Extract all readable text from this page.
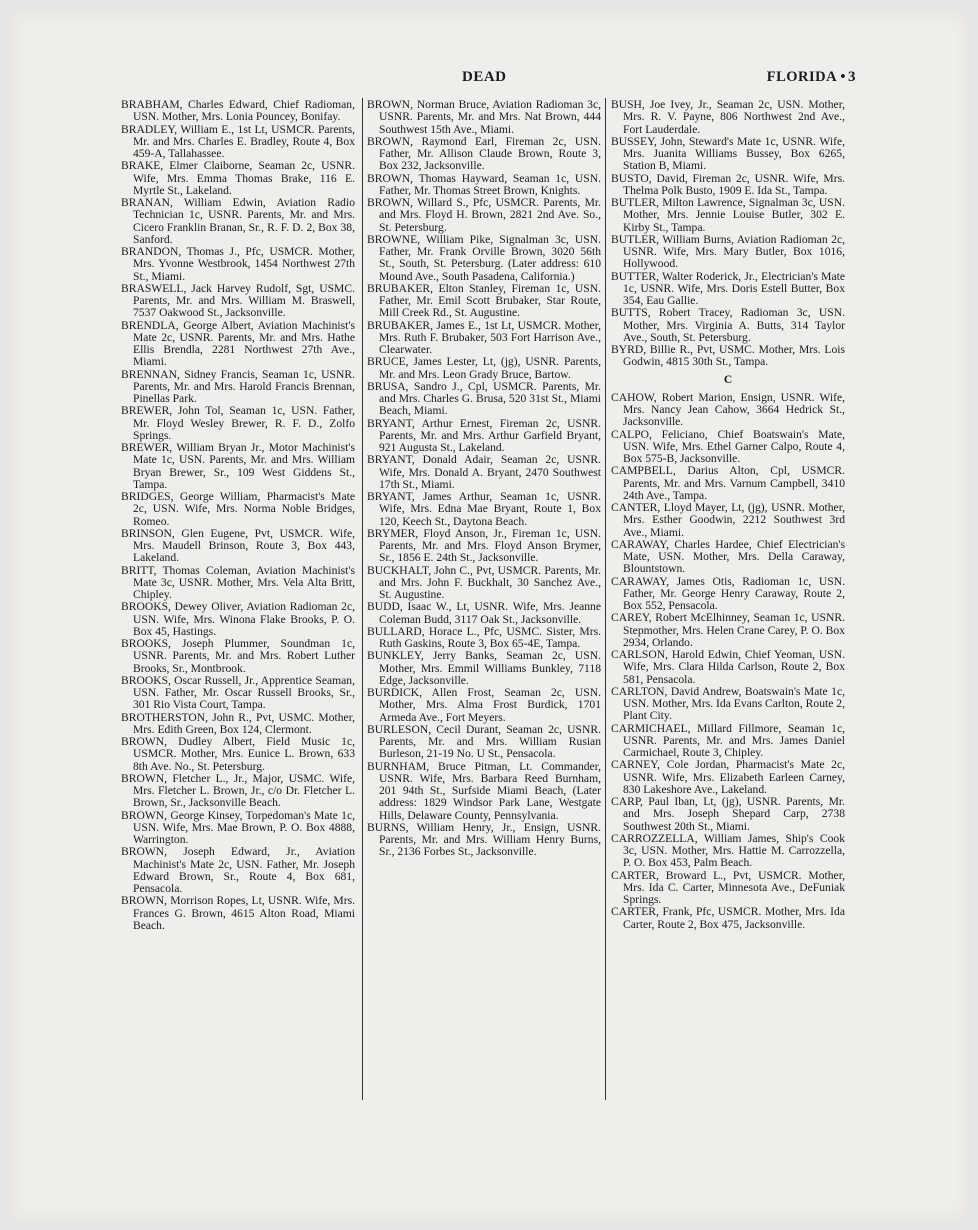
DEAD	FLORIDA • 3

BRABHAM, Charles Edward, Chief Radioman, USN. Mother, Mrs. Lonia Pouncey, Bonifay.

BRADLEY, William E., 1st Lt, USMCR. Parents, Mr. and Mrs. Charles E. Bradley, Route 4, Box 459-A, Tallahassee.

BRAKE, Elmer Claiborne, Seaman 2c, USNR. Wife, Mrs. Emma Thomas Brake, 116 E. Myrtle St., Lakeland.

BRANAN, William Edwin, Aviation Radio Technician 1c, USNR. Parents, Mr. and Mrs. Cicero Franklin Branan, Sr., R. F. D. 2, Box 38, Sanford.

BRANDON, Thomas J., Pfc, USMCR. Mother, Mrs. Yvonne Westbrook, 1454 Northwest 27th St., Miami.

BRASWELL, Jack Harvey Rudolf, Sgt, USMC. Parents, Mr. and Mrs. William M. Braswell, 7537 Oakwood St., Jacksonville.

BRENDLA, George Albert, Aviation Machinist's Mate 2c, USNR. Parents, Mr. and Mrs. Hathe Ellis Brendla, 2281 Northwest 27th Ave., Miami.

BRENNAN, Sidney Francis, Seaman 1c, USNR. Parents, Mr. and Mrs. Harold Francis Brennan, Pinellas Park.

BREWER, John Tol, Seaman 1c, USN. Father, Mr. Floyd Wesley Brewer, R. F. D., Zolfo Springs.

BREWER, William Bryan Jr., Motor Machinist's Mate 1c, USN. Parents, Mr. and Mrs. William Bryan Brewer, Sr., 109 West Giddens St., Tampa.

BRIDGES, George William, Pharmacist's Mate 2c, USN. Wife, Mrs. Norma Noble Bridges, Romeo.

BRINSON, Glen Eugene, Pvt, USMCR. Wife, Mrs. Maudell Brinson, Route 3, Box 443, Lakeland.

BRITT, Thomas Coleman, Aviation Machinist's Mate 3c, USNR. Mother, Mrs. Vela Alta Britt, Chipley.

BROOKS, Dewey Oliver, Aviation Radioman 2c, USN. Wife, Mrs. Winona Flake Brooks, P. O. Box 45, Hastings.

BROOKS, Joseph Plummer, Soundman 1c, USNR. Parents, Mr. and Mrs. Robert Luther Brooks, Sr., Montbrook.

BROOKS, Oscar Russell, Jr., Apprentice Seaman, USN. Father, Mr. Oscar Russell Brooks, Sr., 301 Rio Vista Court, Tampa.

BROTHERSTON, John R., Pvt, USMC. Mother, Mrs. Edith Green, Box 124, Clermont.

BROWN, Dudley Albert, Field Music 1c, USMCR. Mother, Mrs. Eunice L. Brown, 633 8th Ave. No., St. Petersburg.

BROWN, Fletcher L., Jr., Major, USMC. Wife, Mrs. Fletcher L. Brown, Jr., c/o Dr. Fletcher L. Brown, Sr., Jacksonville Beach.

BROWN, George Kinsey, Torpedoman's Mate 1c, USN. Wife, Mrs. Mae Brown, P. O. Box 4888, Warrington.

BROWN, Joseph Edward, Jr., Aviation Machinist's Mate 2c, USN. Father, Mr. Joseph Edward Brown, Sr., Route 4, Box 681, Pensacola.

BROWN, Morrison Ropes, Lt, USNR. Wife, Mrs. Frances G. Brown, 4615 Alton Road, Miami Beach.

BROWN, Norman Bruce, Aviation Radioman 3c, USNR. Parents, Mr. and Mrs. Nat Brown, 444 Southwest 15th Ave., Miami.

BROWN, Raymond Earl, Fireman 2c, USN. Father, Mr. Allison Claude Brown, Route 3, Box 232, Jacksonville.

BROWN, Thomas Hayward, Seaman 1c, USN. Father, Mr. Thomas Street Brown, Knights.

BROWN, Willard S., Pfc, USMCR. Parents, Mr. and Mrs. Floyd H. Brown, 2821 2nd Ave. So., St. Petersburg.

BROWNE, William Pike, Signalman 3c, USN. Father, Mr. Frank Orville Brown, 3020 56th St., South, St. Petersburg. (Later address: 610 Mound Ave., South Pasadena, California.)

BRUBAKER, Elton Stanley, Fireman 1c, USN. Father, Mr. Emil Scott Brubaker, Star Route, Mill Creek Rd., St. Augustine.

BRUBAKER, James E., 1st Lt, USMCR. Mother, Mrs. Ruth F. Brubaker, 503 Fort Harrison Ave., Clearwater.

BRUCE, James Lester, Lt, (jg), USNR. Parents, Mr. and Mrs. Leon Grady Bruce, Bartow.

BRUSA, Sandro J., Cpl, USMCR. Parents, Mr. and Mrs. Charles G. Brusa, 520 31st St., Miami Beach, Miami.

BRYANT, Arthur Ernest, Fireman 2c, USNR. Parents, Mr. and Mrs. Arthur Garfield Bryant, 921 Augusta St., Lakeland.

BRYANT, Donald Adair, Seaman 2c, USNR. Wife, Mrs. Donald A. Bryant, 2470 Southwest 17th St., Miami.

BRYANT, James Arthur, Seaman 1c, USNR. Wife, Mrs. Edna Mae Bryant, Route 1, Box 120, Keech St., Daytona Beach.

BRYMER, Floyd Anson, Jr., Fireman 1c, USN. Parents, Mr. and Mrs. Floyd Anson Brymer, Sr., 1856 E. 24th St., Jacksonville.

BUCKHALT, John C., Pvt, USMCR. Parents, Mr. and Mrs. John F. Buckhalt, 30 Sanchez Ave., St. Augustine.

BUDD, Isaac W., Lt, USNR. Wife, Mrs. Jeanne Coleman Budd, 3117 Oak St., Jacksonville.

BULLARD, Horace L., Pfc, USMC. Sister, Mrs. Ruth Gaskins, Route 3, Box 65-4E, Tampa.

BUNKLEY, Jerry Banks, Seaman 2c, USN. Mother, Mrs. Emmil Williams Bunkley, 7118 Edge, Jacksonville.

BURDICK, Allen Frost, Seaman 2c, USN. Mother, Mrs. Alma Frost Burdick, 1701 Armeda Ave., Fort Meyers.

BURLESON, Cecil Durant, Seaman 2c, USNR. Parents, Mr. and Mrs. William Rusian Burleson, 21-19 No. U St., Pensacola.

BURNHAM, Bruce Pitman, Lt. Commander, USNR. Wife, Mrs. Barbara Reed Burnham, 201 94th St., Surfside Miami Beach, (Later address: 1829 Windsor Park Lane, Westgate Hills, Delaware County, Pennsylvania.

BURNS, William Henry, Jr., Ensign, USNR. Parents, Mr. and Mrs. William Henry Burns, Sr., 2136 Forbes St., Jacksonville.

BUSH, Joe Ivey, Jr., Seaman 2c, USN. Mother, Mrs. R. V. Payne, 806 Northwest 2nd Ave., Fort Lauderdale.

BUSSEY, John, Steward's Mate 1c, USNR. Wife, Mrs. Juanita Williams Bussey, Box 6265, Station B, Miami.

BUSTO, David, Fireman 2c, USNR. Wife, Mrs. Thelma Polk Busto, 1909 E. Ida St., Tampa.

BUTLER, Milton Lawrence, Signalman 3c, USN. Mother, Mrs. Jennie Louise Butler, 302 E. Kirby St., Tampa.

BUTLER, William Burns, Aviation Radioman 2c, USNR. Wife, Mrs. Mary Butler, Box 1016, Hollywood.

BUTTER, Walter Roderick, Jr., Electrician's Mate 1c, USNR. Wife, Mrs. Doris Estell Butter, Box 354, Eau Gallie.

BUTTS, Robert Tracey, Radioman 3c, USN. Mother, Mrs. Virginia A. Butts, 314 Taylor Ave., South, St. Petersburg.

BYRD, Billie R., Pvt, USMC. Mother, Mrs. Lois Godwin, 4815 30th St., Tampa.

C

CAHOW, Robert Marion, Ensign, USNR. Wife, Mrs. Nancy Jean Cahow, 3664 Hedrick St., Jacksonville.

CALPO, Feliciano, Chief Boatswain's Mate, USN. Wife, Mrs. Ethel Garner Calpo, Route 4, Box 575-B, Jacksonville.

CAMPBELL, Darius Alton, Cpl, USMCR. Parents, Mr. and Mrs. Varnum Campbell, 3410 24th Ave., Tampa.

CANTER, Lloyd Mayer, Lt, (jg), USNR. Mother, Mrs. Esther Goodwin, 2212 Southwest 3rd Ave., Miami.

CARAWAY, Charles Hardee, Chief Electrician's Mate, USN. Mother, Mrs. Della Caraway, Blountstown.

CARAWAY, James Otis, Radioman 1c, USN. Father, Mr. George Henry Caraway, Route 2, Box 552, Pensacola.

CAREY, Robert McElhinney, Seaman 1c, USNR. Stepmother, Mrs. Helen Crane Carey, P. O. Box 2934, Orlando.

CARLSON, Harold Edwin, Chief Yeoman, USN. Wife, Mrs. Clara Hilda Carlson, Route 2, Box 581, Pensacola.

CARLTON, David Andrew, Boatswain's Mate 1c, USN. Mother, Mrs. Ida Evans Carlton, Route 2, Plant City.

CARMICHAEL, Millard Fillmore, Seaman 1c, USNR. Parents, Mr. and Mrs. James Daniel Carmichael, Route 3, Chipley.

CARNEY, Cole Jordan, Pharmacist's Mate 2c, USNR. Wife, Mrs. Elizabeth Earleen Carney, 830 Lakeshore Ave., Lakeland.

CARP, Paul Iban, Lt, (jg), USNR. Parents, Mr. and Mrs. Joseph Shepard Carp, 2738 Southwest 20th St., Miami.

CARROZZELLA, William James, Ship's Cook 3c, USN. Mother, Mrs. Hattie M. Carrozzella, P. O. Box 453, Palm Beach.

CARTER, Broward L., Pvt, USMCR. Mother, Mrs. Ida C. Carter, Minnesota Ave., DeFuniak Springs.

CARTER, Frank, Pfc, USMCR. Mother, Mrs. Ida Carter, Route 2, Box 475, Jacksonville.
